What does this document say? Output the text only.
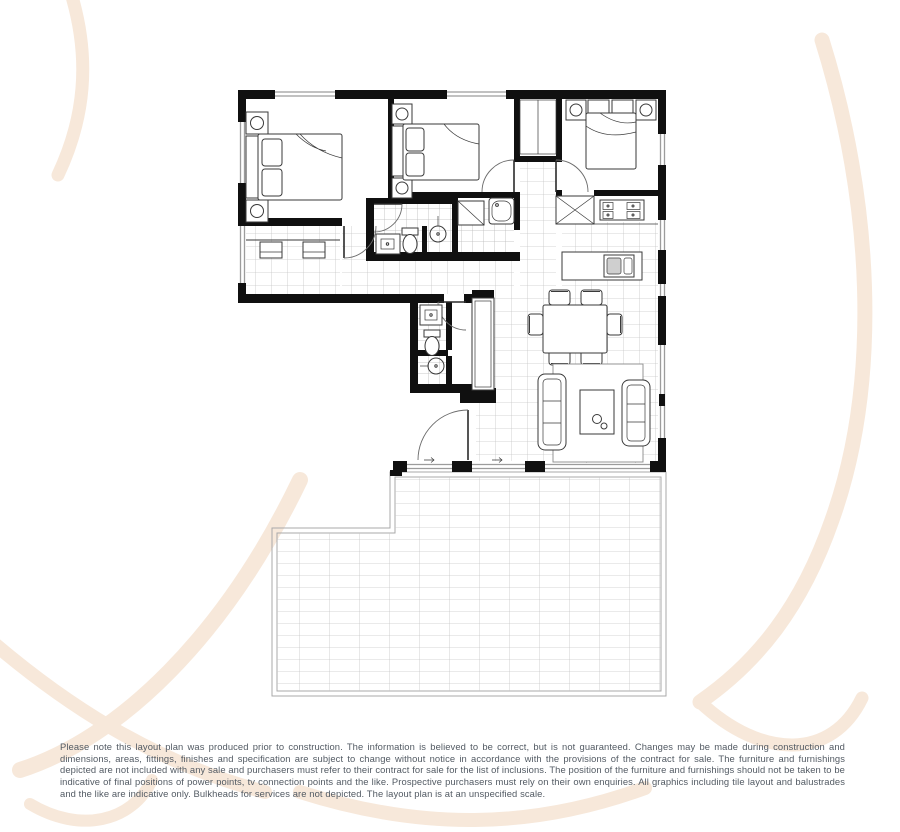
Please note this layout plan was produced prior to construction. The information is believed to be correct, but is not guaranteed. Changes may be made during construction and dimensions, areas, fittings, finishes and specification are subject to change without notice in accordance with the provisions of the contract for sale. The furniture and furnishings depicted are not included with any sale and purchasers must refer to their contract for sale for the list of inclusions. The position of the furniture and furnishings should not be taken to be indicative of final positions of power points, tv connection points and the like. Prospective purchasers must rely on their own enquiries. All graphics including tile layout and balustrades and the like are indicative only. Bulkheads for services are not depicted. The layout plan is at an unspecified scale.
